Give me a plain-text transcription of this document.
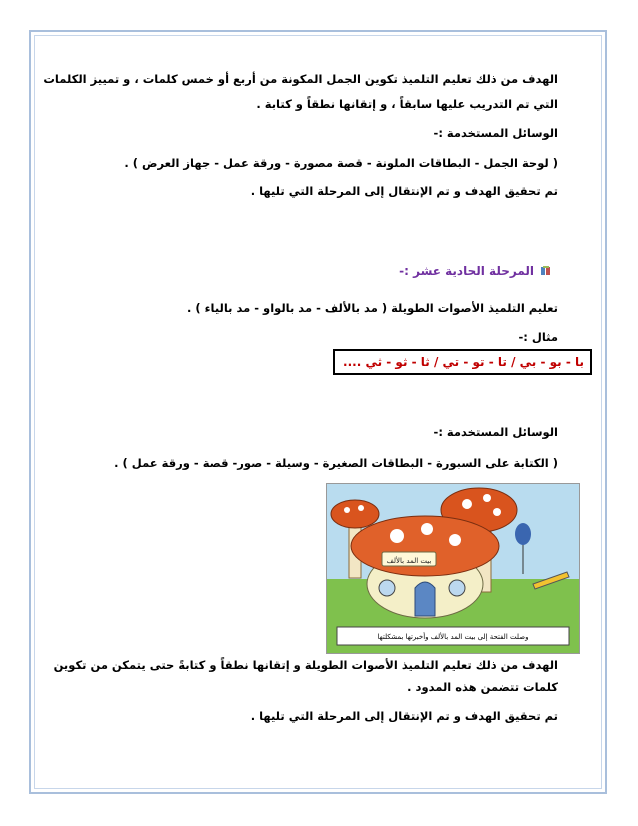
الهدف من ذلك تعليم التلميذ تكوين الجمل المكونة من أربع أو خمس كلمات ، و تمييز الكلمات
التي تم التدريب عليها سابقاً ، و إتقانها نطقاً و كتابة .
الوسائل المستخدمة :-
( لوحة الجمل - البطاقات الملونة - قصة مصورة - ورقة عمل - جهاز العرض ) .
تم تحقيق الهدف و تم الإنتقال إلى المرحلة التي تليها .
تعليم التلميذ الأصوات الطويلة ( مد بالألف - مد بالواو - مد بالياء ) .
مثال :-
الوسائل المستخدمة :-
( الكتابة على السبورة - البطاقات الصغيرة - وسيلة - صور- قصة - ورقة عمل ) .
الهدف من ذلك تعليم التلميذ الأصوات الطويلة و إتقانها نطقاً و كتابةً حتى يتمكن من تكوين
كلمات تتضمن هذه المدود .
تم تحقيق الهدف و تم الإنتقال إلى المرحلة التي تليها .
المرحلة الحادية عشر :-
با - بو - بي / تا - تو - تي / ثا - ثو - ثي ....
بيت المد بالألف
وصلت الفتحة إلى بيت المد بالألف وأخبرتها بمشكلتها
